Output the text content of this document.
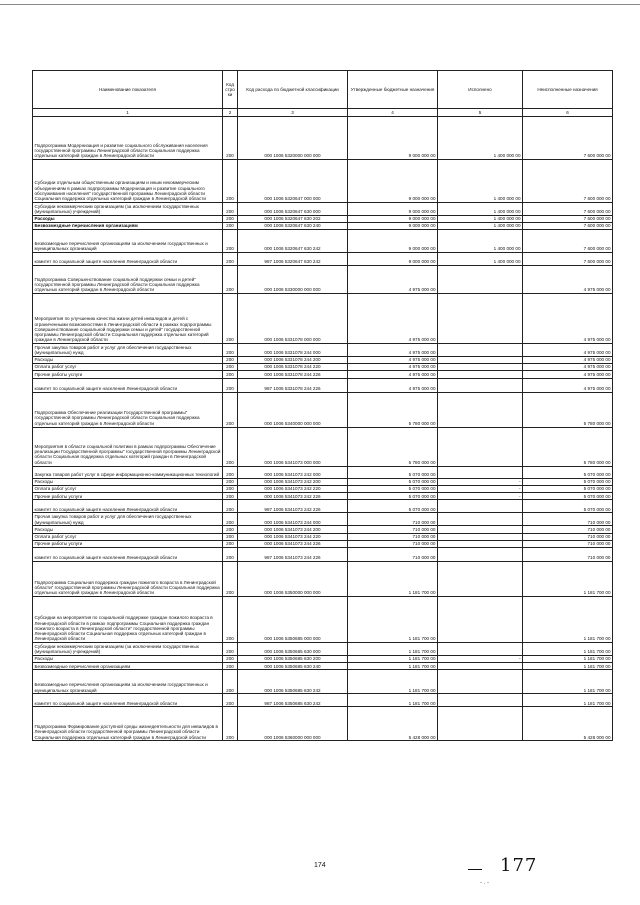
Наименование показателя	Код стро ки	Код расхода по бюджетной классификации	Утвержденные бюджетные назначения	Исполнено	Неисполненные назначения
1	2	3	4	5	6
Подпрограмма Модернизация и развитие социального обслуживания населения государственной программы Ленинградской области Социальная поддержка отдельных категорий граждан в Ленинградской области	200	000 1006 5320000 000 000	9 000 000 00	1 400 000 00	7 600 000 00
Субсидии отдельным общественным организациям и иным некоммерческим объединениям в рамках подпрограммы Модернизация и развитие социального обслуживания населения" государственной программы Ленинградской области Социальная поддержка отдельных категорий граждан в Ленинградской области	200	000 1006 5320647 000 000	9 000 000 00	1 400 000 00	7 600 000 00
Субсидии некоммерческим организациям (за исключением государственных (муниципальных) учреждений)	200	000 1006 5320647 630 000	9 000 000 00	1 400 000 00	7 600 000 00
Расходы	200	000 1006 5320647 630 202	9 000 000 00	1 400 000 00	7 600 000 00
Безвозмездные перечисления организациям	200	000 1006 5320647 630 240	9 000 000 00	1 400 000 00	7 600 000 00
Безвозмездные перечисления организациям за исключением государственных и муниципальных организаций	200	000 1006 5320647 630 242	9 000 000 00	1 400 000 00	7 600 000 00
комитет по социальной защите населения Ленинградской области	200	987 1006 5320647 630 242	9 000 000 00	1 400 000 00	7 600 000 00
Подпрограмма Совершенствование социальной поддержки семьи и детей" государственной программы Ленинградской области Социальная поддержка отдельных категорий граждан в Ленинградской области	200	000 1006 5330000 000 000	4 975 000 00		4 975 000 00
Мероприятия по улучшению качества жизни детей инвалидов и детей с ограниченными возможностями в Ленинградской области в рамках подпрограммы Совершенствование социальной поддержки семьи и детей" государственной программы Ленинградской области Социальная поддержка отдельных категорий граждан в Ленинградской области	200	000 1006 5331078 000 000	4 975 000 00		4 975 000 00
Прочая закупка товаров работ и услуг для обеспечения государственных (муниципальных) нужд	200	000 1006 5331078 244 000	4 975 000 00		4 975 000 00
Расходы	200	000 1006 5331078 244 200	4 975 000 00		4 975 000 00
Оплата работ услуг	200	000 1006 5331078 244 220	4 975 000 00		4 975 000 00
Прочие работы услуги	200	000 1006 5331078 244 226	4 975 000 00		4 975 000 00
комитет по социальной защите населения Ленинградской области	200	987 1006 5331078 244 226	4 975 000 00		4 975 000 00
Подпрограмма Обеспечение реализации Государственной программы" государственной программы Ленинградской области Социальная поддержка отдельных категорий граждан в Ленинградской области	200	000 1006 5340000 000 000	5 780 000 00		5 780 000 00
Мероприятия в области социальной политики в рамках подпрограммы Обеспечение реализации Государственной программы" государственной программы Ленинградской области Социальная поддержка отдельных категорий граждан в Ленинградской области	200	000 1006 5341073 000 000	5 780 000 00		5 780 000 00
Закупка товаров работ услуг в сфере информационно-коммуникационных технологий	200	000 1006 5341073 242 000	5 070 000 00		5 070 000 00
Расходы	200	000 1006 5341073 242 200	5 070 000 00	-	5 070 000 00
Оплата работ услуг	200	000 1006 5341073 242 220	5 070 000 00	-	5 070 000 00
Прочие работы услуги	200	000 1006 5341073 242 226	5 070 000 00	-	5 070 000 00
комитет по социальной защите населения Ленинградской области	200	987 1006 5341073 242 226	5 070 000 00		5 070 000 00
Прочая закупка товаров работ и услуг для обеспечения государственных (муниципальных) нужд	200	000 1006 5341073 244 000	710 000 00		710 000 00
Расходы	200	000 1006 5341073 244 200	710 000 00		710 000 00
Оплата работ услуг	200	000 1006 5341073 244 220	710 000 00		710 000 00
Прочие работы услуги	200	000 1006 5341073 244 226	710 000 00		710 000 00
комитет по социальной защите населения Ленинградской области	200	987 1006 5341073 244 226	710 000 00		710 000 00
Подпрограмма Социальная поддержка граждан пожилого возраста в Ленинградской области" государственной программы Ленинградской области Социальная поддержка отдельных категорий граждан в Ленинградской области	200	000 1006 5350000 000 000	1 181 700 00		1 181 700 00
Субсидии на мероприятия по социальной поддержке граждан пожилого возраста в Ленинградской области в рамках подпрограммы Социальная поддержка граждан пожилого возраста в Ленинградской области" государственной программы Ленинградской области Социальная поддержка отдельных категорий граждан в Ленинградской области	200	000 1006 5350685 000 000	1 181 700 00		1 181 700 00
Субсидии некоммерческим организациям (за исключением государственных (муниципальных) учреждений)	200	000 1006 5350685 630 000	1 181 700 00		1 181 700 00
Расходы	200	000 1006 5350685 630 200	1 181 700 00	-	1 181 700 00
Безвозмездные перечисления организациям	200	000 1006 5350685 630 240	1 181 700 00		1 181 700 00
Безвозмездные перечисления организациям за исключением государственных и муниципальных организаций	200	000 1006 5350685 630 242	1 181 700 00		1 181 700 00
комитет по социальной защите населения Ленинградской области	200	987 1006 5350685 630 242	1 181 700 00		1 181 700 00
Подпрограмма Формирование доступной среды жизнедеятельности для инвалидов в Ленинградской области государственной программы Ленинградской области Социальная поддержка отдельных категорий граждан в Ленинградской области	200	000 1006 5360000 000 000	5 428 000 00		5 428 000 00
174	177
- . -
